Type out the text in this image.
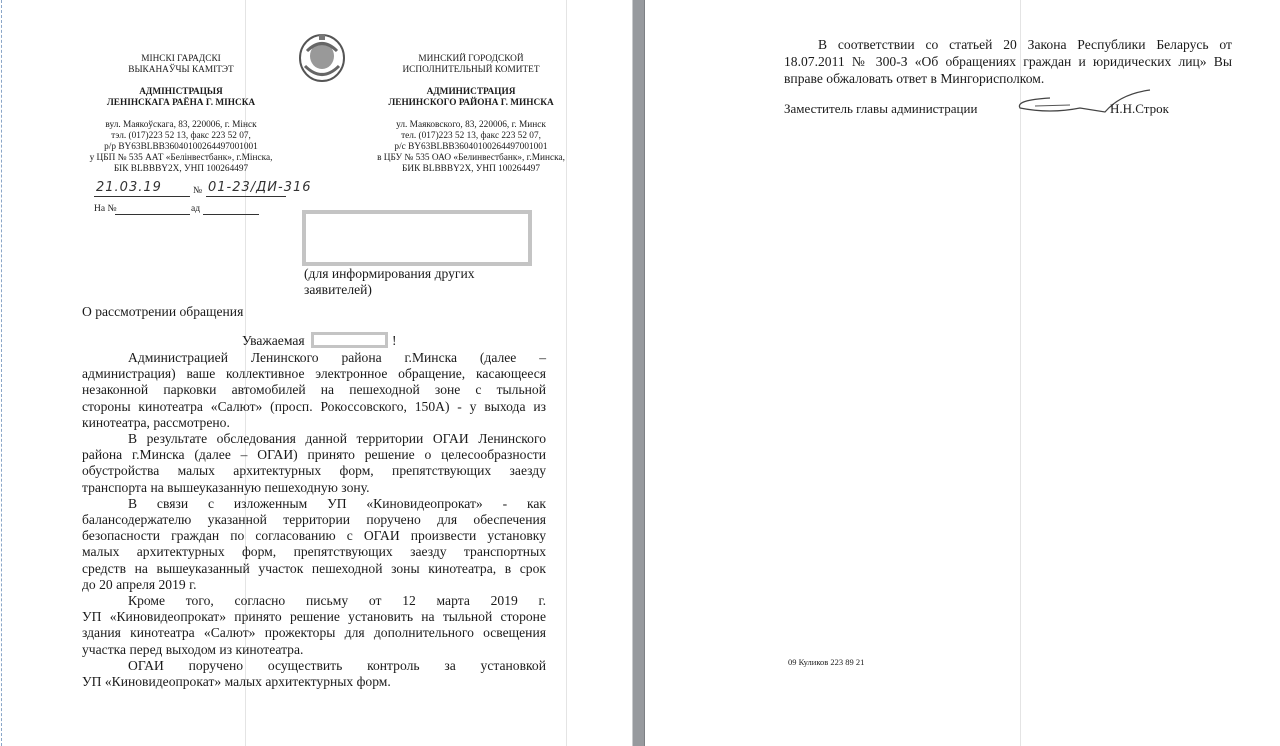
МІНСКІ ГАРАДСКІ
ВЫКАНАЎЧЫ КАМІТЭТ
АДМІНІСТРАЦЫЯ
ЛЕНІНСКАГА РАЁНА Г. МІНСКА
вул. Маякоўскага, 83, 220006, г. Мінск
тэл. (017)223 52 13, факс 223 52 07,
р/р BY63BLBB36040100264497001001
у ЦБП № 535 ААТ «Белінвестбанк», г.Мінска,
БІК BLBBBY2X, УНП 100264497
МИНСКИЙ ГОРОДСКОЙ
ИСПОЛНИТЕЛЬНЫЙ КОМИТЕТ
АДМИНИСТРАЦИЯ
ЛЕНИНСКОГО РАЙОНА Г. МИНСКА
ул. Маяковского, 83, 220006, г. Минск
тел. (017)223 52 13, факс 223 52 07,
р/с BY63BLBB36040100264497001001
в ЦБУ № 535 ОАО «Белинвестбанк», г.Минска,
БИК BLBBBY2X, УНП 100264497
21.03.19	№ 01-23/ДИ-316
На №	ад
(для информирования других
заявителей)
О рассмотрении обращения
Уважаемая	!
Администрацией Ленинского района г.Минска (далее –
администрация) ваше коллективное электронное обращение, касающееся
незаконной парковки автомобилей на пешеходной зоне с тыльной
стороны кинотеатра «Салют» (просп. Рокоссовского, 150А) - у выхода из
кинотеатра, рассмотрено.
В результате обследования данной территории ОГАИ Ленинского
района г.Минска (далее – ОГАИ) принято решение о целесообразности
обустройства малых архитектурных форм, препятствующих заезду
транспорта на вышеуказанную пешеходную зону.
В связи с изложенным УП «Киновидеопрокат» - как
балансодержателю указанной территории поручено для обеспечения
безопасности граждан по согласованию с ОГАИ произвести установку
малых архитектурных форм, препятствующих заезду транспортных
средств на вышеуказанный участок пешеходной зоны кинотеатра, в срок
до 20 апреля 2019 г.
Кроме того, согласно письму от 12 марта 2019 г.
УП «Киновидеопрокат» принято решение установить на тыльной стороне
здания кинотеатра «Салют» прожекторы для дополнительного освещения
участка перед выходом из кинотеатра.
ОГАИ поручено осуществить контроль за установкой
УП «Киновидеопрокат» малых архитектурных форм.
В соответствии со статьей 20 Закона Республики Беларусь от
18.07.2011 № 300-З «Об обращениях граждан и юридических лиц» Вы
вправе обжаловать ответ в Мингорисполком.
Заместитель главы администрации	Н.Н.Строк
09 Куликов 223 89 21
